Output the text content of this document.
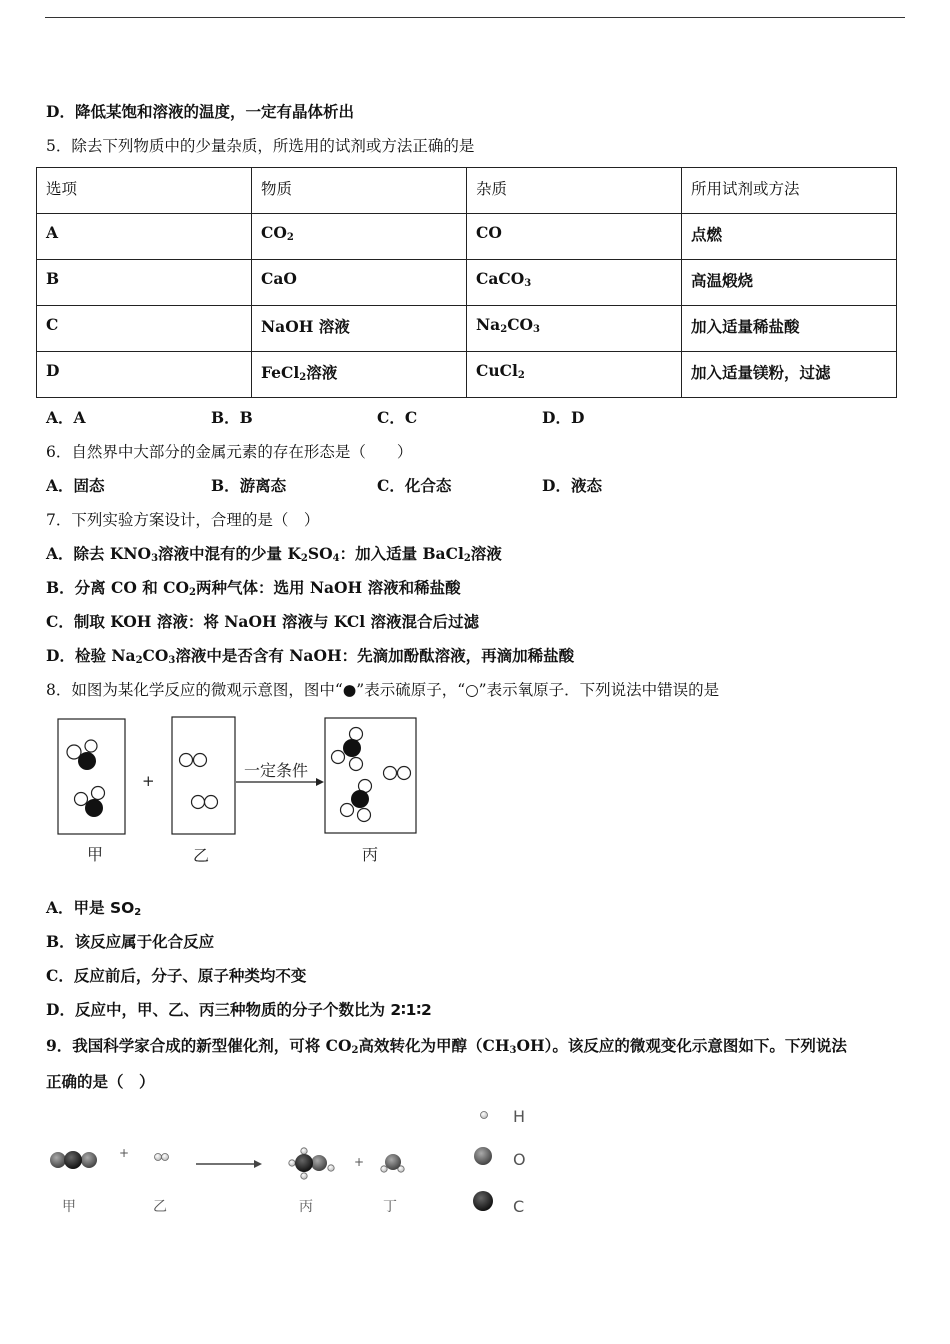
D．降低某饱和溶液的温度，一定有晶体析出
5．除去下列物质中的少量杂质，所选用的试剂或方法正确的是
选项	物质	杂质	所用试剂或方法
A	$CO_2$	CO	点燃
B	CaO	CaCO$_3$	高温煅烧
C	NaOH 溶液	$Na_2CO_3$	加入适量稀盐酸
D	FeCl$_2$溶液	CuCl$_2$	加入适量镁粉，过滤
A．A	B．B	C．C	D．D
6．自然界中大部分的金属元素的存在形态是（　　）
A．固态	B．游离态	C．化合态	D．液态
7．下列实验方案设计，合理的是（　）
A．除去 $KNO_3$溶液中混有的少量 $K_2SO_4$：加入适量 BaCl$_2$溶液
B．分离 CO 和 $CO_2$两种气体：选用 NaOH 溶液和稀盐酸
C．制取 KOH 溶液：将 NaOH 溶液与 KCl 溶液混合后过滤
D．检验 $Na_2CO_3$溶液中是否含有 NaOH：先滴加酚酞溶液，再滴加稀盐酸
8．如图为某化学反应的微观示意图，图中“●”表示硫原子，“○”表示氧原子．下列说法中错误的是
+
一定条件
甲	乙	丙
A．甲是 $SO_2$
B．该反应属于化合反应
C．反应前后，分子、原子种类均不变
D．反应中，甲、乙、丙三种物质的分子个数比为 2∶1∶2
9．我国科学家合成的新型催化剂，可将 $CO_2$高效转化为甲醇$(CH_3OH)$。该反应的微观变化示意图如下。下列说法
正确的是（　）
+
+
甲	乙	丙	丁
H
O
C
